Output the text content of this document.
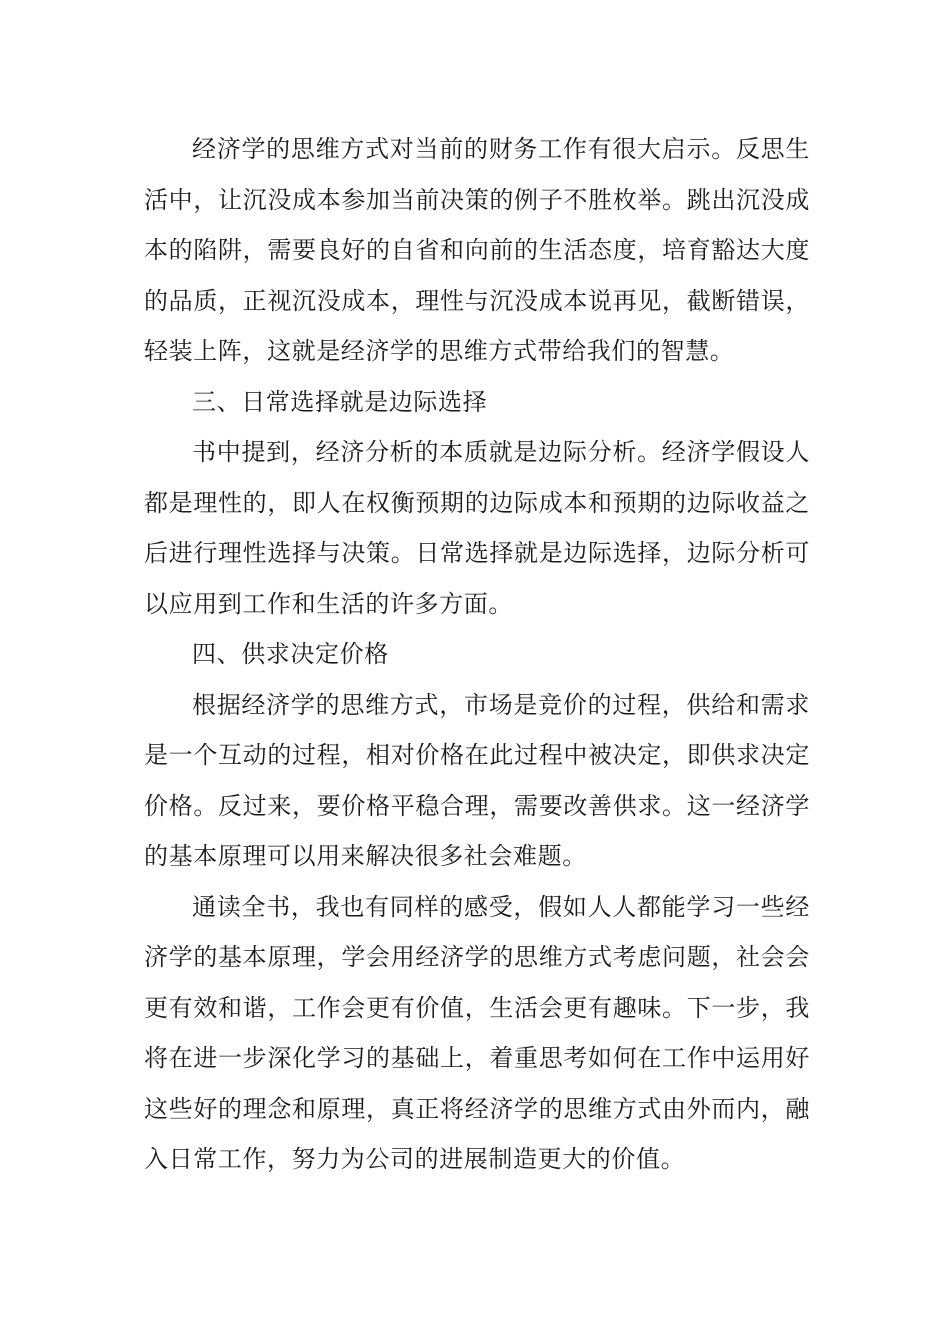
经济学的思维方式对当前的财务工作有很大启示。反思生活中，让沉没成本参加当前决策的例子不胜枚举。跳出沉没成本的陷阱，需要良好的自省和向前的生活态度，培育豁达大度的品质，正视沉没成本，理性与沉没成本说再见，截断错误，轻装上阵，这就是经济学的思维方式带给我们的智慧。

三、日常选择就是边际选择

书中提到，经济分析的本质就是边际分析。经济学假设人都是理性的，即人在权衡预期的边际成本和预期的边际收益之后进行理性选择与决策。日常选择就是边际选择，边际分析可以应用到工作和生活的许多方面。

四、供求决定价格

根据经济学的思维方式，市场是竞价的过程，供给和需求是一个互动的过程，相对价格在此过程中被决定，即供求决定价格。反过来，要价格平稳合理，需要改善供求。这一经济学的基本原理可以用来解决很多社会难题。

通读全书，我也有同样的感受，假如人人都能学习一些经济学的基本原理，学会用经济学的思维方式考虑问题，社会会更有效和谐，工作会更有价值，生活会更有趣味。下一步，我将在进一步深化学习的基础上，着重思考如何在工作中运用好这些好的理念和原理，真正将经济学的思维方式由外而内，融入日常工作，努力为公司的进展制造更大的价值。
